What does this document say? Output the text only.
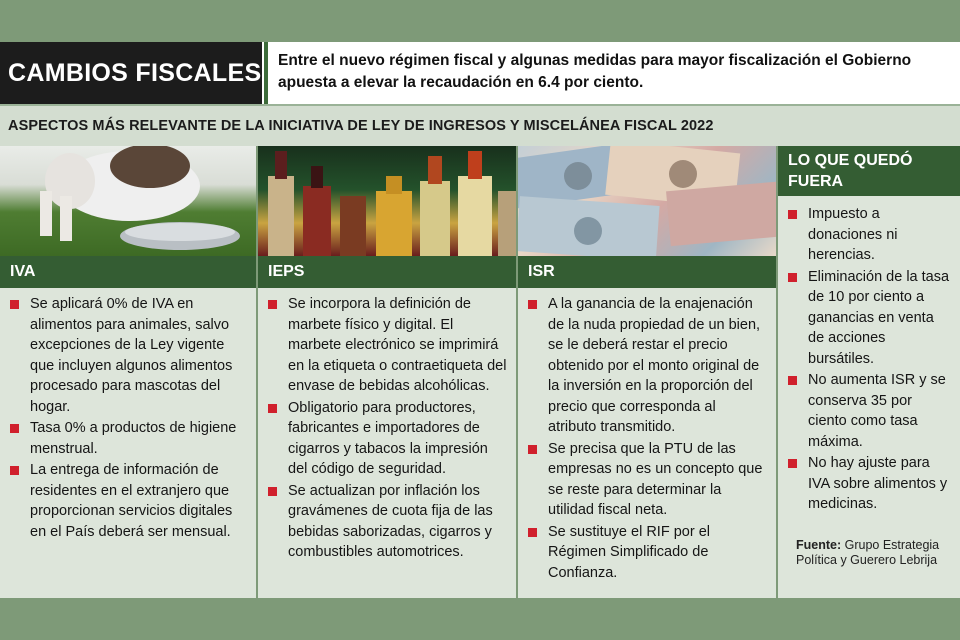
CAMBIOS FISCALES Entre el nuevo régimen fiscal y algunas medidas para mayor fiscalización el Gobierno apuesta a elevar la recaudación en 6.4 por ciento.
ASPECTOS MÁS RELEVANTE DE LA INICIATIVA DE LEY DE INGRESOS Y MISCELÁNEA FISCAL 2022
IVA
Se aplicará 0% de IVA en alimentos para animales, salvo excepciones de la Ley vigente que incluyen algunos alimentos procesado para mascotas del hogar.
Tasa 0% a productos de higiene menstrual.
La entrega de información de residentes en el extranjero que proporcionan servicios digitales en el País deberá ser mensual.
IEPS
Se incorpora la definición de marbete físico y digital. El marbete electrónico se imprimirá en la etiqueta o contraetiqueta del envase de bebidas alcohólicas.
Obligatorio para productores, fabricantes e importadores de cigarros y tabacos la impresión del código de seguridad.
Se actualizan por inflación los gravámenes de cuota fija de las bebidas saborizadas, cigarros y combustibles automotrices.
ISR
A la ganancia de la enajenación de la nuda propiedad de un bien, se le deberá restar el precio obtenido por el monto original de la inversión en la proporción del precio que corresponda al atributo transmitido.
Se precisa que la PTU de las empresas no es un concepto que se reste para determinar la utilidad fiscal neta.
Se sustituye el RIF por el Régimen Simplificado de Confianza.
LO QUE QUEDÓ
FUERA
Impuesto a donaciones ni herencias.
Eliminación de la tasa de 10 por ciento a ganancias en venta de acciones bursátiles.
No aumenta ISR y se conserva 35 por ciento como tasa máxima.
No hay ajuste para IVA sobre alimentos y medicinas.
Fuente: Grupo Estrategia Política y Guerero Lebrija
